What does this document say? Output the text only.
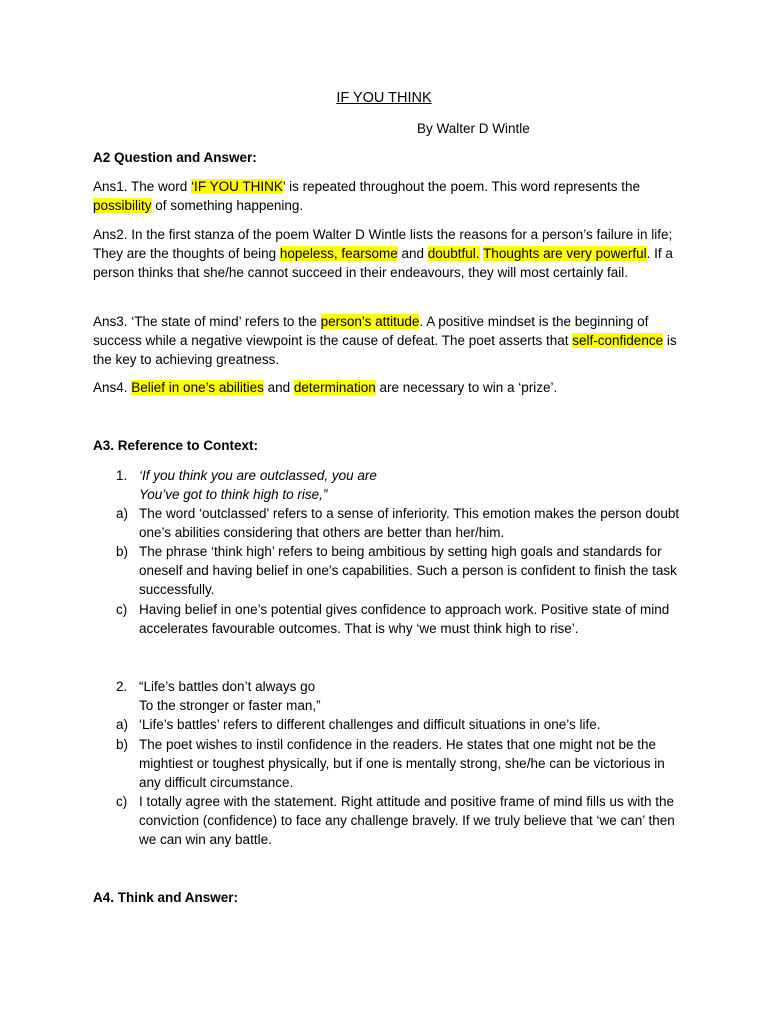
IF YOU THINK
By Walter D Wintle
A2 Question and Answer:

Ans1. The word ‘IF YOU THINK’ is repeated throughout the poem. This word represents the possibility of something happening.

Ans2. In the first stanza of the poem Walter D Wintle lists the reasons for a person’s failure in life; They are the thoughts of being hopeless, fearsome and doubtful. Thoughts are very powerful. If a person thinks that she/he cannot succeed in their endeavours, they will most certainly fail.

Ans3. ‘The state of mind’ refers to the person’s attitude. A positive mindset is the beginning of success while a negative viewpoint is the cause of defeat. The poet asserts that self-confidence is the key to achieving greatness.

Ans4. Belief in one’s abilities and determination are necessary to win a ‘prize’.

A3. Reference to Context:
1. ‘If you think you are outclassed, you are

You’ve got to think high to rise,”

a) The word ‘outclassed' refers to a sense of inferiority. This emotion makes the person doubt one’s abilities considering that others are better than her/him.

b) The phrase ‘think high’ refers to being ambitious by setting high goals and standards for oneself and having belief in one’s capabilities. Such a person is confident to finish the task successfully.

c) Having belief in one’s potential gives confidence to approach work. Positive state of mind accelerates favourable outcomes. That is why ‘we must think high to rise’.

2. “Life’s battles don’t always go

To the stronger or faster man,”

a) ‘Life’s battles’ refers to different challenges and difficult situations in one’s life.

b) The poet wishes to instil confidence in the readers. He states that one might not be the mightiest or toughest physically, but if one is mentally strong, she/he can be victorious in any difficult circumstance.

c) I totally agree with the statement. Right attitude and positive frame of mind fills us with the conviction (confidence) to face any challenge bravely. If we truly believe that ‘we can’ then we can win any battle.

A4. Think and Answer:
